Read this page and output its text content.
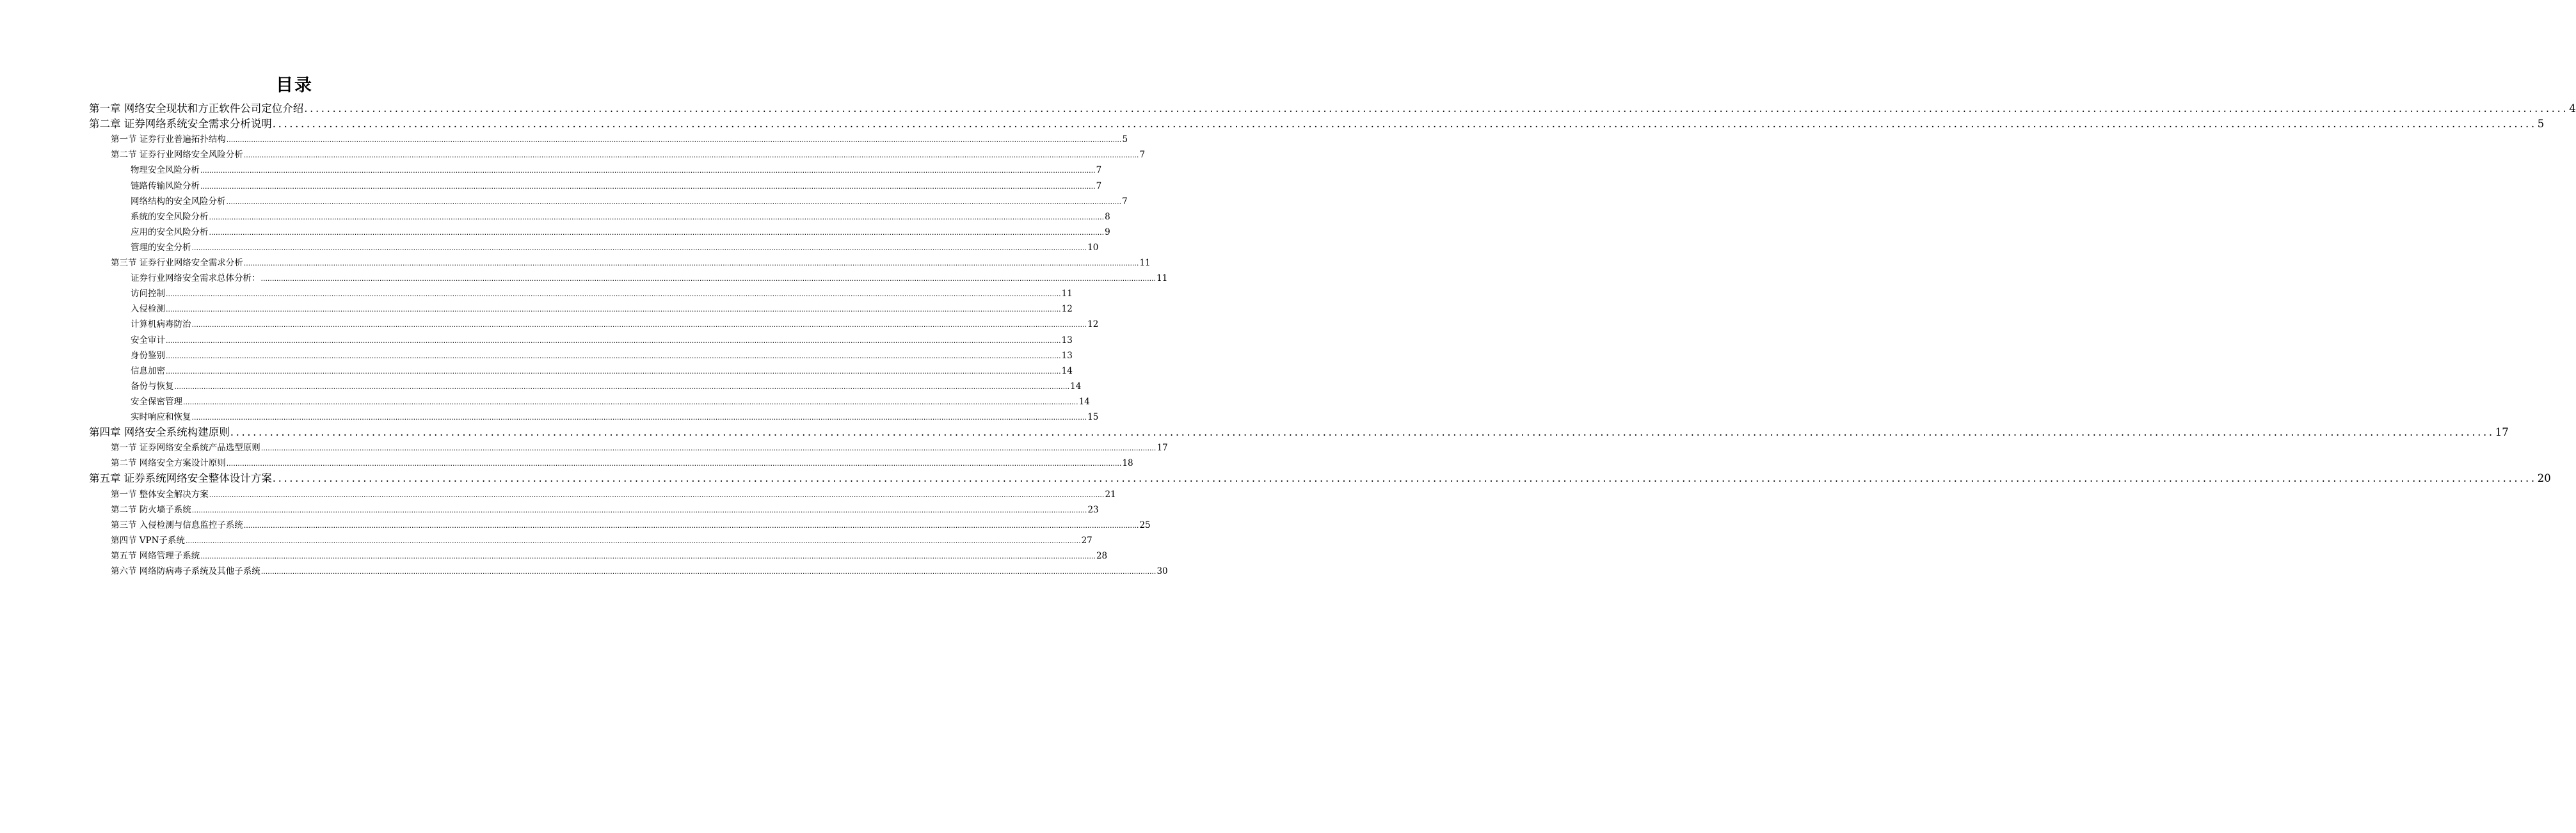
目录
第一章 网络安全现状和方正软件公司定位介绍 ................................................................................................................................................................................................................................................................................................................................................................................................................ 4
第二章 证券网络系统安全需求分析说明 ................................................................................................................................................................................................................................................................................................................................................................................................................ 5
第一节 证券行业普遍拓扑结构 ................................................................................................................................................................................................................................................................................................................................................................................................................ 5
第二节 证券行业网络安全风险分析 ................................................................................................................................................................................................................................................................................................................................................................................................................ 7
物理安全风险分析 ................................................................................................................................................................................................................................................................................................................................................................................................................ 7
链路传输风险分析 ................................................................................................................................................................................................................................................................................................................................................................................................................ 7
网络结构的安全风险分析 ................................................................................................................................................................................................................................................................................................................................................................................................................ 7
系统的安全风险分析 ................................................................................................................................................................................................................................................................................................................................................................................................................ 8
应用的安全风险分析 ................................................................................................................................................................................................................................................................................................................................................................................................................ 9
管理的安全分析 ................................................................................................................................................................................................................................................................................................................................................................................................................ 10
第三节 证券行业网络安全需求分析 ................................................................................................................................................................................................................................................................................................................................................................................................................ 11
证券行业网络安全需求总体分析： ................................................................................................................................................................................................................................................................................................................................................................................................................ 11
访问控制 ................................................................................................................................................................................................................................................................................................................................................................................................................ 11
入侵检测 ................................................................................................................................................................................................................................................................................................................................................................................................................ 12
计算机病毒防治 ................................................................................................................................................................................................................................................................................................................................................................................................................ 12
安全审计 ................................................................................................................................................................................................................................................................................................................................................................................................................ 13
身份鉴别 ................................................................................................................................................................................................................................................................................................................................................................................................................ 13
信息加密 ................................................................................................................................................................................................................................................................................................................................................................................................................ 14
备份与恢复 ................................................................................................................................................................................................................................................................................................................................................................................................................ 14
安全保密管理 ................................................................................................................................................................................................................................................................................................................................................................................................................ 14
实时响应和恢复 ................................................................................................................................................................................................................................................................................................................................................................................................................ 15
第四章 网络安全系统构建原则 ................................................................................................................................................................................................................................................................................................................................................................................................................ 17
第一节 证券网络安全系统产品选型原则 ................................................................................................................................................................................................................................................................................................................................................................................................................ 17
第二节 网络安全方案设计原则 ................................................................................................................................................................................................................................................................................................................................................................................................................ 18
第五章 证券系统网络安全整体设计方案 ................................................................................................................................................................................................................................................................................................................................................................................................................ 20
第一节 整体安全解决方案 ................................................................................................................................................................................................................................................................................................................................................................................................................ 21
第二节 防火墙子系统 ................................................................................................................................................................................................................................................................................................................................................................................................................ 23
第三节 入侵检测与信息监控子系统 ................................................................................................................................................................................................................................................................................................................................................................................................................ 25
第四节 VPN子系统 ................................................................................................................................................................................................................................................................................................................................................................................................................ 27
第五节 网络管理子系统 ................................................................................................................................................................................................................................................................................................................................................................................................................ 28
第六节 网络防病毒子系统及其他子系统 ................................................................................................................................................................................................................................................................................................................................................................................................................ 30
